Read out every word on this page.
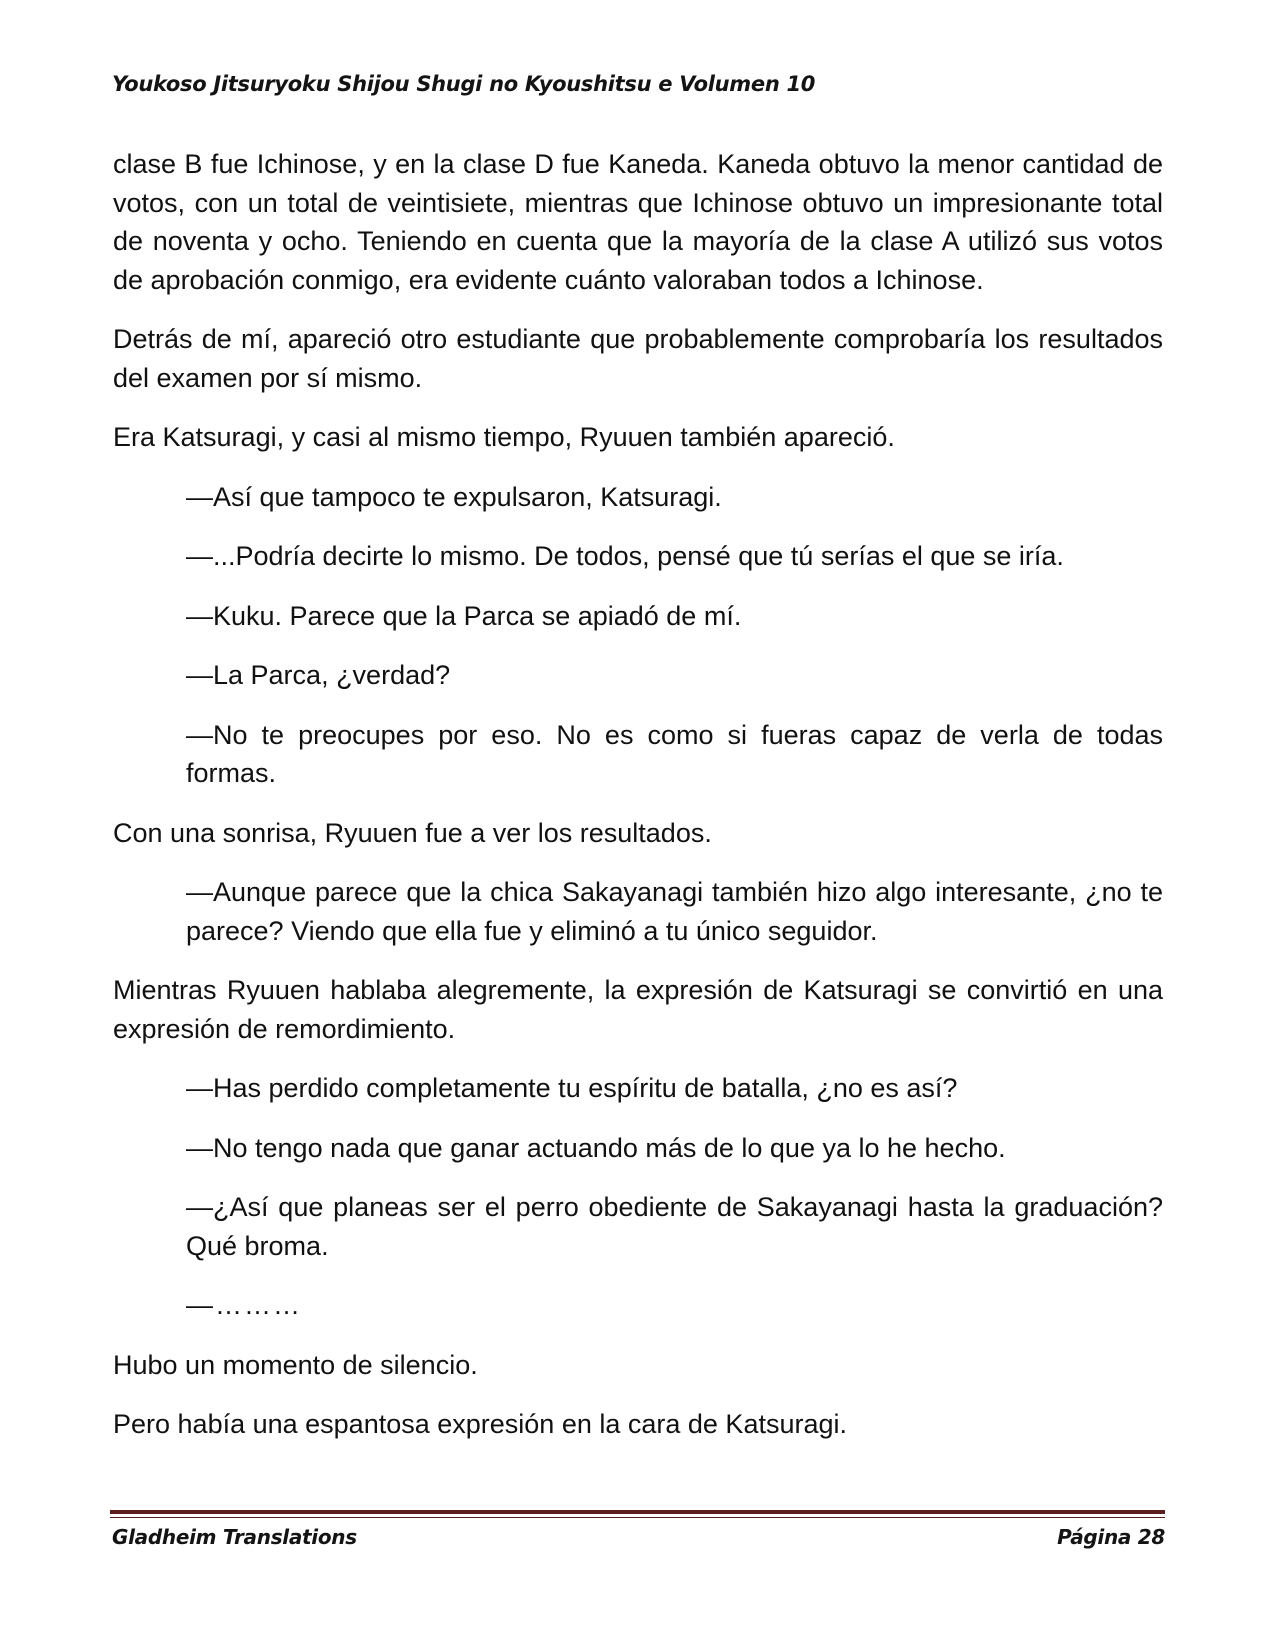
Youkoso Jitsuryoku Shijou Shugi no Kyoushitsu e Volumen 10

clase B fue Ichinose, y en la clase D fue Kaneda. Kaneda obtuvo la menor cantidad de votos, con un total de veintisiete, mientras que Ichinose obtuvo un impresionante total de noventa y ocho. Teniendo en cuenta que la mayoría de la clase A utilizó sus votos de aprobación conmigo, era evidente cuánto valoraban todos a Ichinose.

Detrás de mí, apareció otro estudiante que probablemente comprobaría los resultados del examen por sí mismo.

Era Katsuragi, y casi al mismo tiempo, Ryuuen también apareció.

—Así que tampoco te expulsaron, Katsuragi.

—...Podría decirte lo mismo. De todos, pensé que tú serías el que se iría.

—Kuku. Parece que la Parca se apiadó de mí.

—La Parca, ¿verdad?

—No te preocupes por eso. No es como si fueras capaz de verla de todas formas.

Con una sonrisa, Ryuuen fue a ver los resultados.

—Aunque parece que la chica Sakayanagi también hizo algo interesante, ¿no te parece? Viendo que ella fue y eliminó a tu único seguidor.

Mientras Ryuuen hablaba alegremente, la expresión de Katsuragi se convirtió en una expresión de remordimiento.

—Has perdido completamente tu espíritu de batalla, ¿no es así?

—No tengo nada que ganar actuando más de lo que ya lo he hecho.

—¿Así que planeas ser el perro obediente de Sakayanagi hasta la graduación? Qué broma.

—………

Hubo un momento de silencio.

Pero había una espantosa expresión en la cara de Katsuragi.

Gladheim Translations	Página 28
